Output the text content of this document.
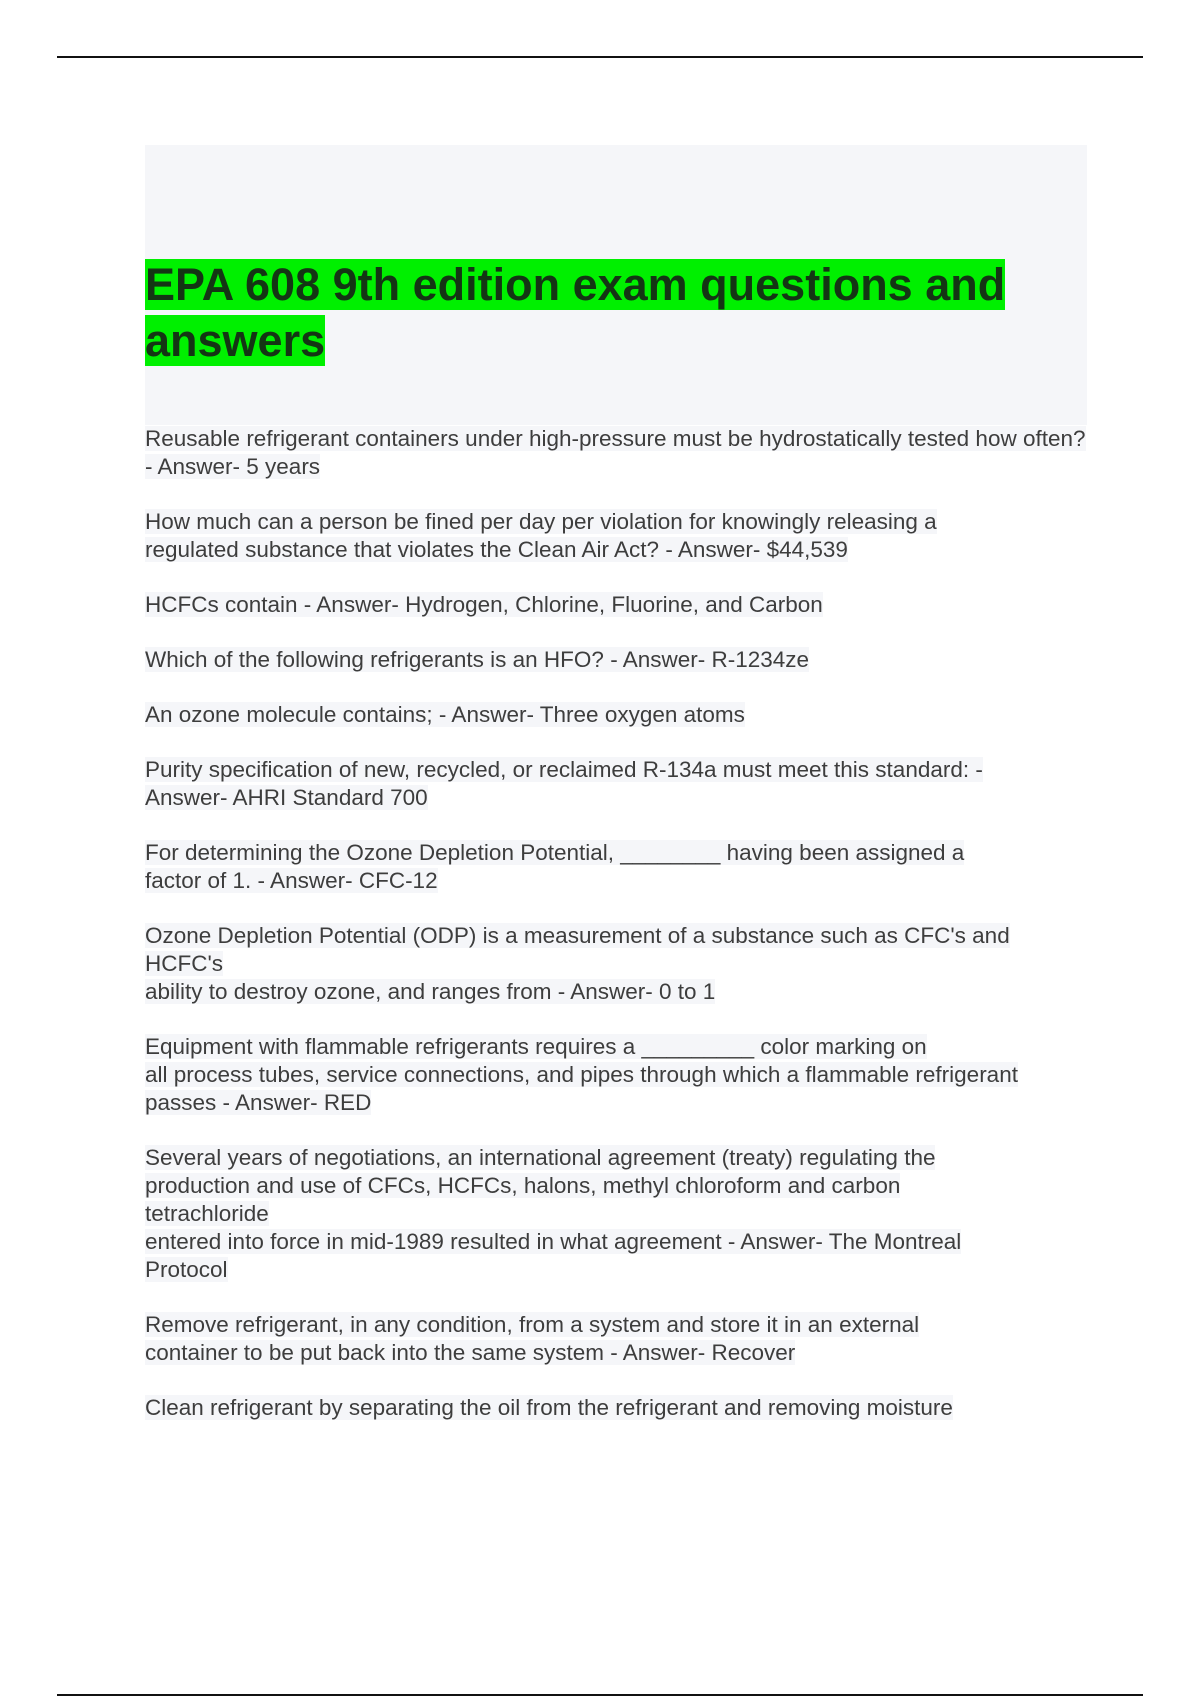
EPA 608 9th edition exam questions and answers

Reusable refrigerant containers under high-pressure must be hydrostatically tested how often? - Answer- 5 years

How much can a person be fined per day per violation for knowingly releasing a
regulated substance that violates the Clean Air Act? - Answer- $44,539

HCFCs contain - Answer- Hydrogen, Chlorine, Fluorine, and Carbon

Which of the following refrigerants is an HFO? - Answer- R-1234ze

An ozone molecule contains; - Answer- Three oxygen atoms

Purity specification of new, recycled, or reclaimed R-134a must meet this standard: -
Answer- AHRI Standard 700

For determining the Ozone Depletion Potential, ________ having been assigned a
factor of 1. - Answer- CFC-12

Ozone Depletion Potential (ODP) is a measurement of a substance such as CFC's and
HCFC's
ability to destroy ozone, and ranges from - Answer- 0 to 1

Equipment with flammable refrigerants requires a _________ color marking on
all process tubes, service connections, and pipes through which a flammable refrigerant
passes - Answer- RED

Several years of negotiations, an international agreement (treaty) regulating the
production and use of CFCs, HCFCs, halons, methyl chloroform and carbon
tetrachloride
entered into force in mid-1989 resulted in what agreement - Answer- The Montreal
Protocol

Remove refrigerant, in any condition, from a system and store it in an external
container to be put back into the same system - Answer- Recover

Clean refrigerant by separating the oil from the refrigerant and removing moisture
